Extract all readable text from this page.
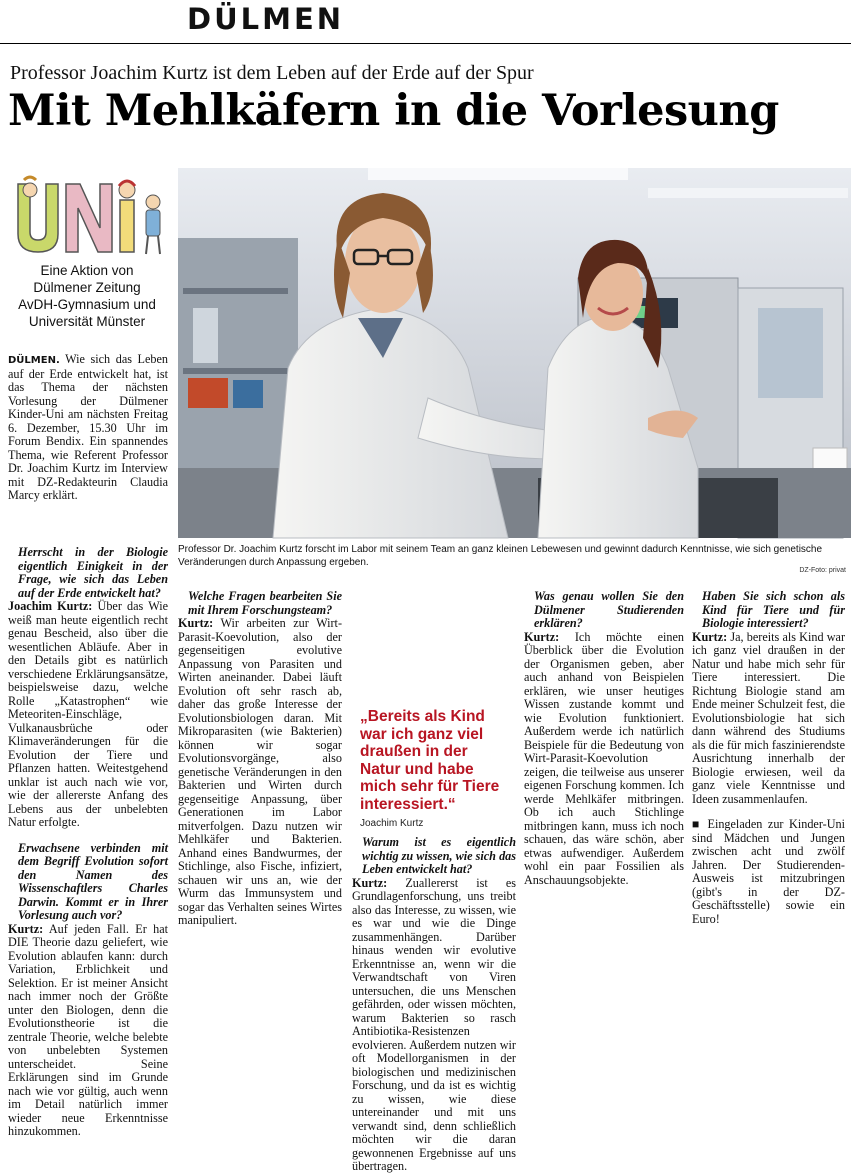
DÜLMEN
Professor Joachim Kurtz ist dem Leben auf der Erde auf der Spur
Mit Mehlkäfern in die Vorlesung
Eine Aktion von
Dülmener Zeitung
AvDH-Gymnasium und
Universität Münster
Professor Dr. Joachim Kurtz forscht im Labor mit seinem Team an ganz kleinen Lebewesen und gewinnt dadurch Kenntnisse, wie sich genetische Veränderungen durch Anpassung ergeben.
DZ-Foto: privat

DÜLMEN. Wie sich das Leben auf der Erde entwickelt hat, ist das Thema der nächsten Vorlesung der Dülmener Kinder-Uni am nächsten Freitag 6. Dezember, 15.30 Uhr im Forum Bendix. Ein spannendes Thema, wie Referent Professor Dr. Joachim Kurtz im Interview mit DZ-Redakteurin Claudia Marcy erklärt.

Herrscht in der Biologie eigentlich Einigkeit in der Frage, wie sich das Leben auf der Erde entwickelt hat?

Joachim Kurtz: Über das Wie weiß man heute eigentlich recht genau Bescheid, also über die wesentlichen Abläufe. Aber in den Details gibt es natürlich verschiedene Erklärungsansätze, beispielsweise dazu, welche Rolle „Katastrophen“ wie Meteoriten-Einschläge, Vulkanausbrüche oder Klimaveränderungen für die Evolution der Tiere und Pflanzen hatten. Weitestgehend unklar ist auch nach wie vor, wie der allererste Anfang des Lebens aus der unbelebten Natur erfolgte.

Erwachsene verbinden mit dem Begriff Evolution sofort den Namen des Wissenschaftlers Charles Darwin. Kommt er in Ihrer Vorlesung auch vor?

Kurtz: Auf jeden Fall. Er hat DIE Theorie dazu geliefert, wie Evolution ablaufen kann: durch Variation, Erblichkeit und Selektion. Er ist meiner Ansicht nach immer noch der Größte unter den Biologen, denn die Evolutionstheorie ist die zentrale Theorie, welche belebte von unbelebten Systemen unterscheidet. Seine Erklärungen sind im Grunde nach wie vor gültig, auch wenn im Detail natürlich immer wieder neue Erkenntnisse hinzukommen.

Welche Fragen bearbeiten Sie mit Ihrem Forschungsteam?

Kurtz: Wir arbeiten zur Wirt-Parasit-Koevolution, also der gegenseitigen evolutive Anpassung von Parasiten und Wirten aneinander. Dabei läuft Evolution oft sehr rasch ab, daher das große Interesse der Evolutionsbiologen daran. Mit Mikroparasiten (wie Bakterien) können wir sogar Evolutionsvorgänge, also genetische Veränderungen in den Bakterien und Wirten durch gegenseitige Anpassung, über Generationen im Labor mitverfolgen. Dazu nutzen wir Mehlkäfer und Bakterien. Anhand eines Bandwurmes, der Stichlinge, also Fische, infiziert, schauen wir uns an, wie der Wurm das Immunsystem und sogar das Verhalten seines Wirtes manipuliert.

„Bereits als Kind war ich ganz viel draußen in der Natur und habe mich sehr für Tiere interessiert.“
Joachim Kurtz

Warum ist es eigentlich wichtig zu wissen, wie sich das Leben entwickelt hat?

Kurtz: Zuallererst ist es Grundlagenforschung, uns treibt also das Interesse, zu wissen, wie es war und wie die Dinge zusammenhängen. Darüber hinaus wenden wir evolutive Erkenntnisse an, wenn wir die Verwandtschaft von Viren untersuchen, die uns Menschen gefährden, oder wissen möchten, warum Bakterien so rasch Antibiotika-Resistenzen evolvieren. Außerdem nutzen wir oft Modellorganismen in der biologischen und medizinischen Forschung, und da ist es wichtig zu wissen, wie diese untereinander und mit uns verwandt sind, denn schließlich möchten wir die daran gewonnenen Ergebnisse auf uns übertragen.

Was genau wollen Sie den Dülmener Studierenden erklären?

Kurtz: Ich möchte einen Überblick über die Evolution der Organismen geben, aber auch anhand von Beispielen erklären, wie unser heutiges Wissen zustande kommt und wie Evolution funktioniert. Außerdem werde ich natürlich Beispiele für die Bedeutung von Wirt-Parasit-Koevolution zeigen, die teilweise aus unserer eigenen Forschung kommen. Ich werde Mehlkäfer mitbringen. Ob ich auch Stichlinge mitbringen kann, muss ich noch schauen, das wäre schön, aber etwas aufwendiger. Außerdem wohl ein paar Fossilien als Anschauungsobjekte.

Haben Sie sich schon als Kind für Tiere und für Biologie interessiert?

Kurtz: Ja, bereits als Kind war ich ganz viel draußen in der Natur und habe mich sehr für Tiere interessiert. Die Richtung Biologie stand am Ende meiner Schulzeit fest, die Evolutionsbiologie hat sich dann während des Studiums als die für mich faszinierendste Ausrichtung innerhalb der Biologie erwiesen, weil da ganz viele Kenntnisse und Ideen zusammenlaufen.

■ Eingeladen zur Kinder-Uni sind Mädchen und Jungen zwischen acht und zwölf Jahren. Der Studierenden-Ausweis ist mitzubringen (gibt's in der DZ-Geschäftsstelle) sowie ein Euro!
